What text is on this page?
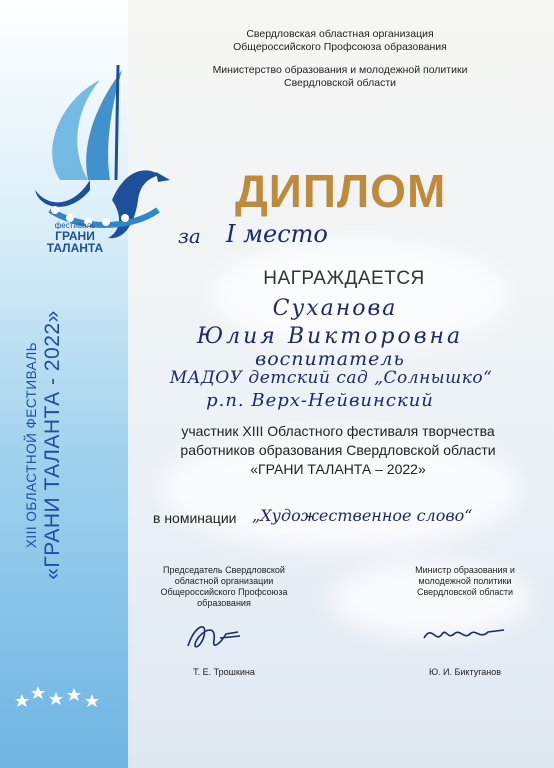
фестиваль
ГРАНИ
ТАЛАНТА
XIII ОБЛАСТНОЙ ФЕСТИВАЛЬ «ГРАНИ ТАЛАНТА - 2022»
Свердловская областная организация
Общероссийского Профсоюза образования
Министерство образования и молодежной политики
Свердловской области
ДИПЛОМ
за I место
НАГРАЖДАЕТСЯ
Суханова
Юлия Викторовна
воспитатель
МАДОУ детский сад „Солнышко“
р.п. Верх-Нейвинский
участник XIII Областного фестиваля творчества
работников образования Свердловской области
«ГРАНИ ТАЛАНТА – 2022»
в номинации „Художественное слово“
Председатель Свердловской областной организации Общероссийского Профсоюза образования
Т. Е. Трошкина
Министр образования и молодежной политики Свердловской области
Ю. И. Биктуганов
